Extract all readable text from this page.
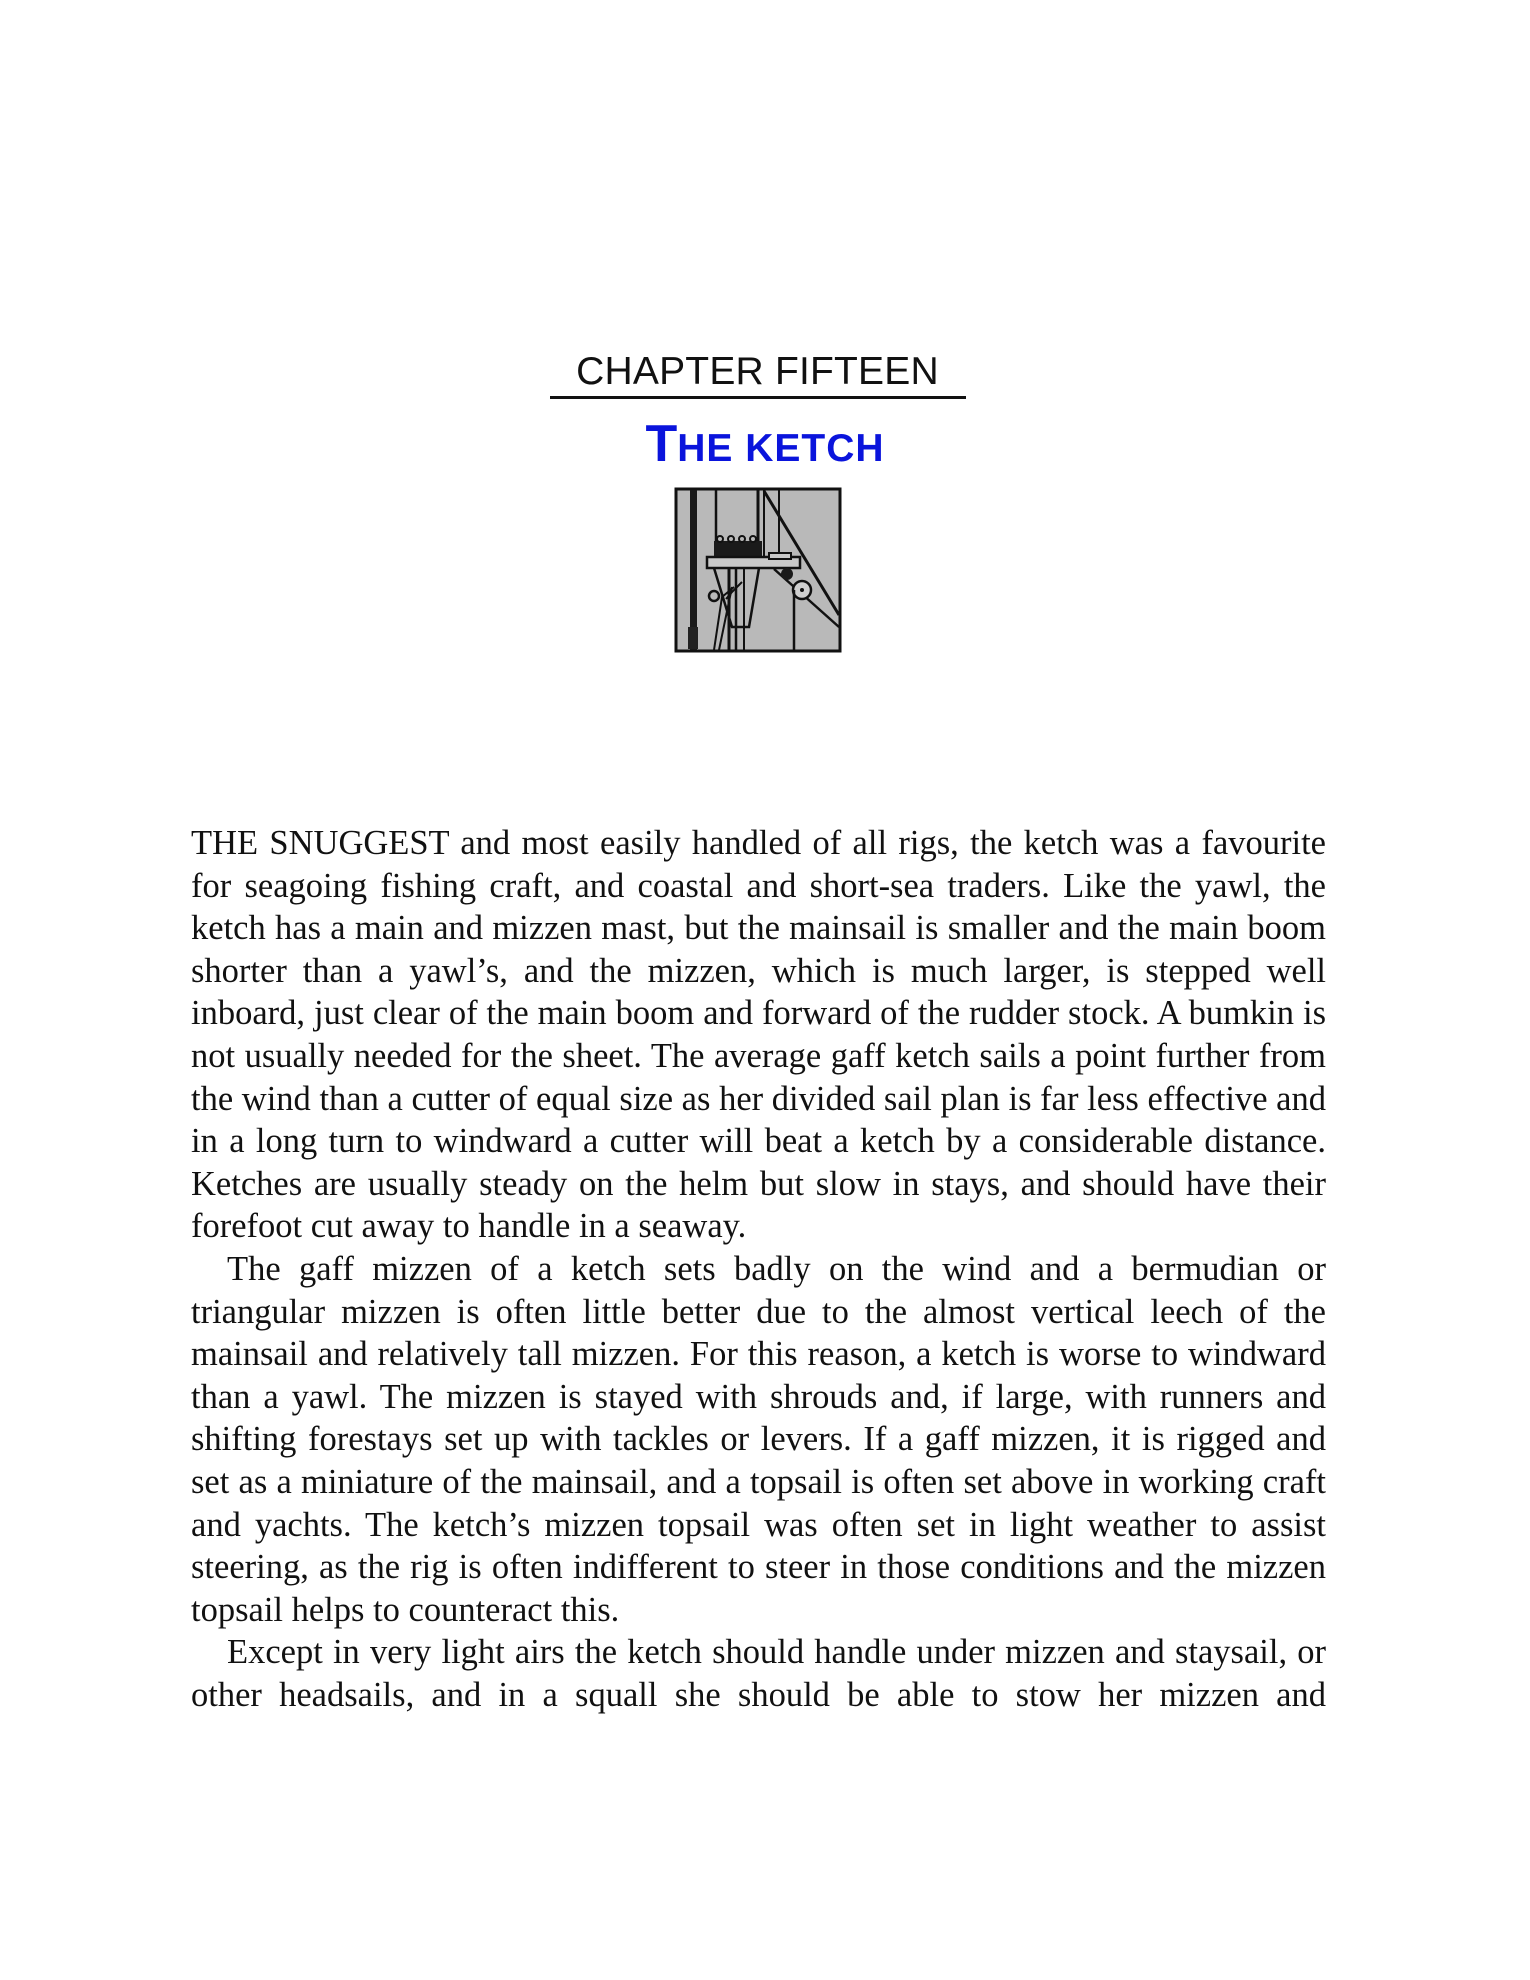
CHAPTER FIFTEEN
THE KETCH

THE SNUGGEST and most easily handled of all rigs, the ketch was a favourite for seagoing fishing craft, and coastal and short-sea traders. Like the yawl, the ketch has a main and mizzen mast, but the mainsail is smaller and the main boom shorter than a yawl’s, and the mizzen, which is much larger, is stepped well inboard, just clear of the main boom and forward of the rudder stock. A bumkin is not usually needed for the sheet. The average gaff ketch sails a point further from the wind than a cutter of equal size as her divided sail plan is far less effective and in a long turn to windward a cutter will beat a ketch by a considerable distance. Ketches are usually steady on the helm but slow in stays, and should have their forefoot cut away to handle in a seaway.

The gaff mizzen of a ketch sets badly on the wind and a bermudian or triangular mizzen is often little better due to the almost vertical leech of the mainsail and relatively tall mizzen. For this reason, a ketch is worse to windward than a yawl. The mizzen is stayed with shrouds and, if large, with runners and shifting forestays set up with tackles or levers. If a gaff mizzen, it is rigged and set as a miniature of the mainsail, and a topsail is often set above in working craft and yachts. The ketch’s mizzen topsail was often set in light weather to assist steering, as the rig is often indifferent to steer in those conditions and the mizzen topsail helps to counteract this.

Except in very light airs the ketch should handle under mizzen and staysail, or other headsails, and in a squall she should be able to stow her mizzen and
